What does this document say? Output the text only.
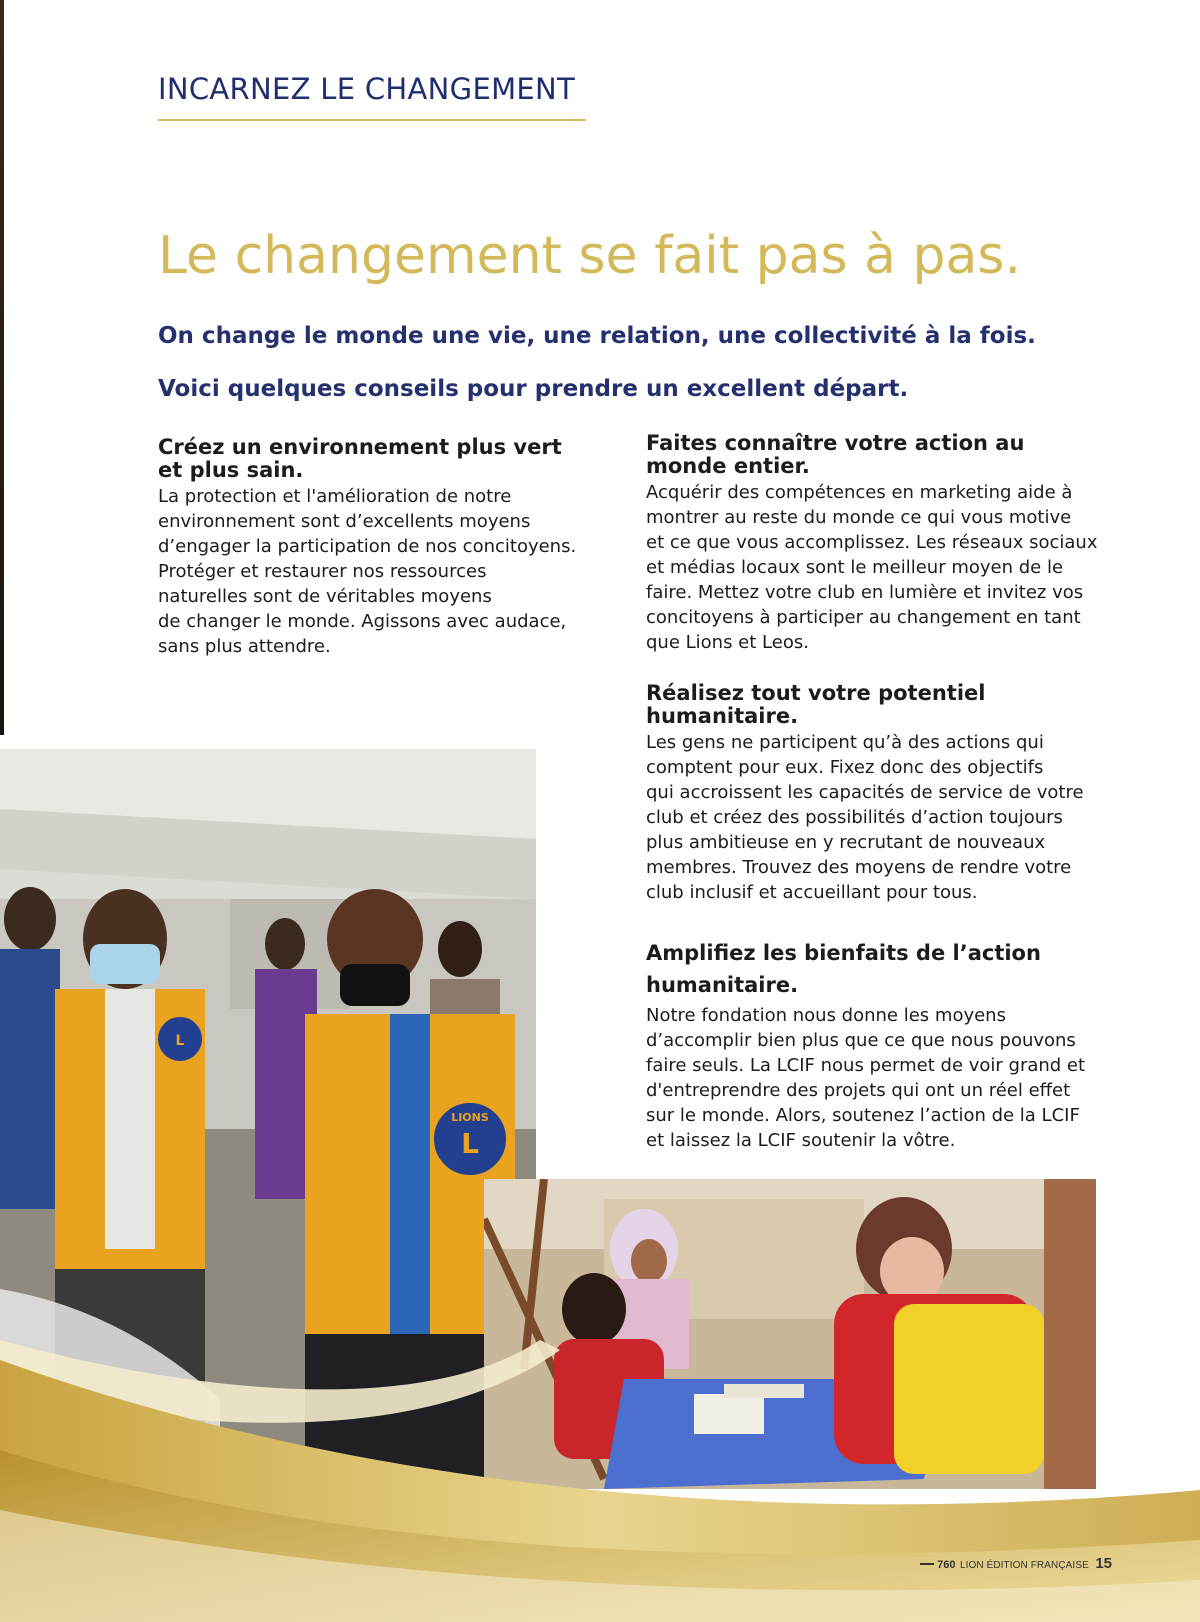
INCARNEZ LE CHANGEMENT
Le changement se fait pas à pas.

On change le monde une vie, une relation, une collectivité à la fois.

Voici quelques conseils pour prendre un excellent départ.

Créez un environnement plus vert
et plus sain.

La protection et l'amélioration de notre
environnement sont d’excellents moyens
d’engager la participation de nos concitoyens.
Protéger et restaurer nos ressources
naturelles sont de véritables moyens
de changer le monde. Agissons avec audace,
sans plus attendre.

Faites connaître votre action au
monde entier.

Acquérir des compétences en marketing aide à
montrer au reste du monde ce qui vous motive
et ce que vous accomplissez. Les réseaux sociaux
et médias locaux sont le meilleur moyen de le
faire. Mettez votre club en lumière et invitez vos
concitoyens à participer au changement en tant
que Lions et Leos.

Réalisez tout votre potentiel
humanitaire.

Les gens ne participent qu’à des actions qui
comptent pour eux. Fixez donc des objectifs
qui accroissent les capacités de service de votre
club et créez des possibilités d’action toujours
plus ambitieuse en y recrutant de nouveaux
membres. Trouvez des moyens de rendre votre
club inclusif et accueillant pour tous.

Amplifiez les bienfaits de l’action
humanitaire.

Notre fondation nous donne les moyens
d’accomplir bien plus que ce que nous pouvons
faire seuls. La LCIF nous permet de voir grand et
d'entreprendre des projets qui ont un réel effet
sur le monde. Alors, soutenez l’action de la LCIF
et laissez la LCIF soutenir la vôtre.

L
LIONS
L
760 LION ÉDITION FRANÇAISE 15
